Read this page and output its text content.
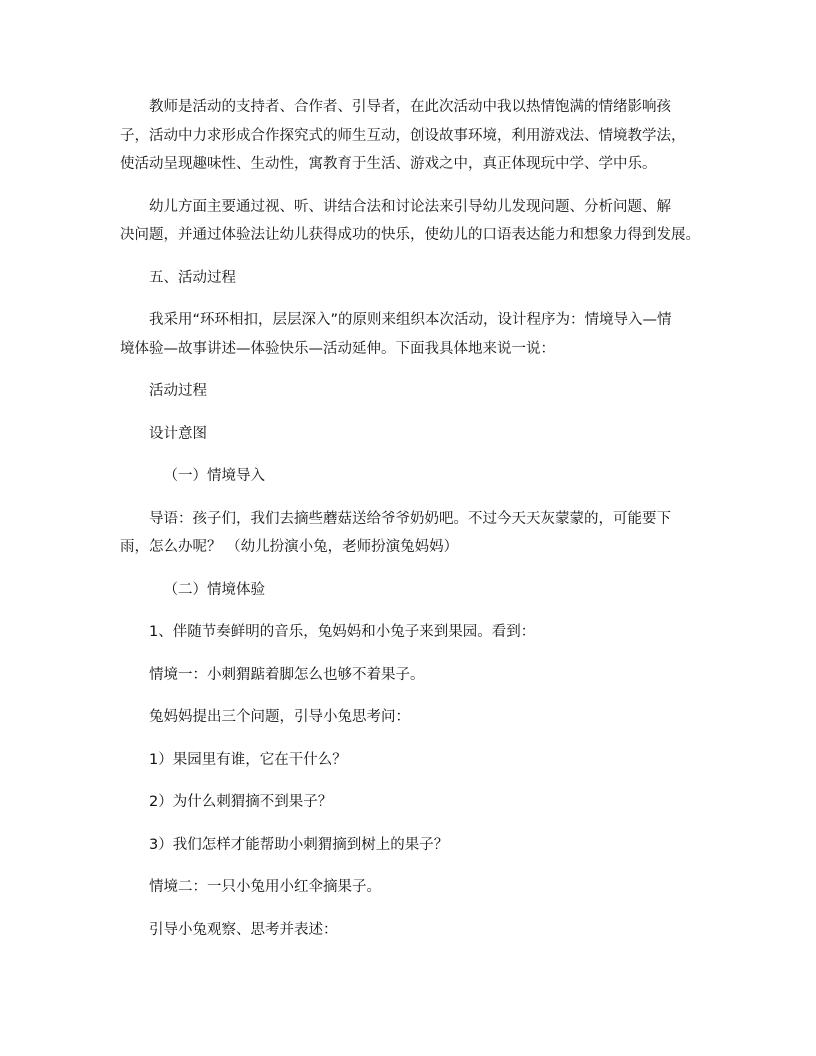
教师是活动的支持者、合作者、引导者，在此次活动中我以热情饱满的情绪影响孩
子，活动中力求形成合作探究式的师生互动，创设故事环境，利用游戏法、情境教学法，
使活动呈现趣味性、生动性，寓教育于生活、游戏之中，真正体现玩中学、学中乐。
幼儿方面主要通过视、听、讲结合法和讨论法来引导幼儿发现问题、分析问题、解
决问题，并通过体验法让幼儿获得成功的快乐，使幼儿的口语表达能力和想象力得到发展。
五、活动过程
我采用“环环相扣，层层深入”的原则来组织本次活动，设计程序为：情境导入—情
境体验—故事讲述—体验快乐—活动延伸。下面我具体地来说一说：
活动过程
设计意图
（一）情境导入
导语：孩子们，我们去摘些蘑菇送给爷爷奶奶吧。不过今天天灰蒙蒙的，可能要下
雨，怎么办呢？ （幼儿扮演小兔，老师扮演兔妈妈）
（二）情境体验
1、伴随节奏鲜明的音乐，兔妈妈和小兔子来到果园。看到：
情境一：小刺猬踮着脚怎么也够不着果子。
兔妈妈提出三个问题，引导小兔思考问：
1）果园里有谁，它在干什么？
2）为什么刺猬摘不到果子？
3）我们怎样才能帮助小刺猬摘到树上的果子？
情境二：一只小兔用小红伞摘果子。
引导小兔观察、思考并表述：
